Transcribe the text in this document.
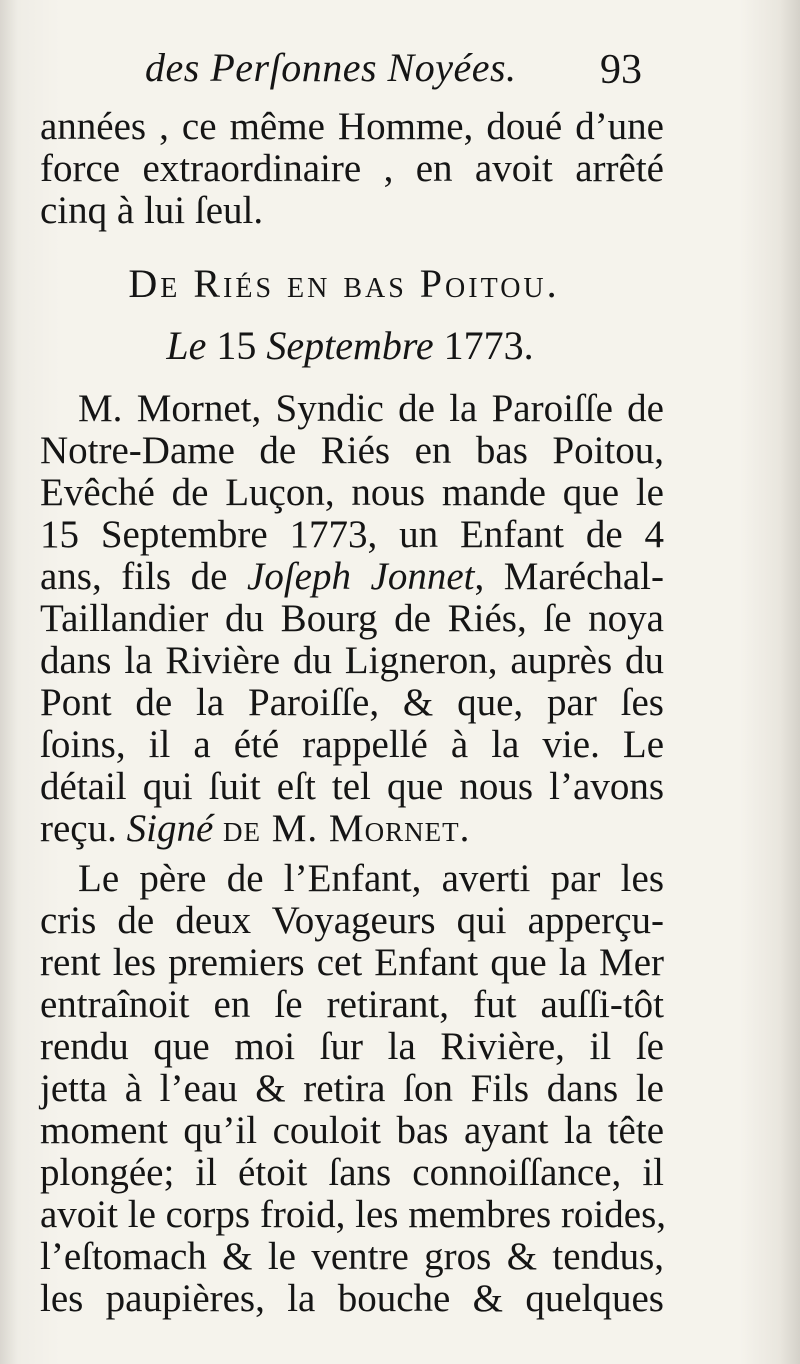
des Perſonnes Noyées. 93
années , ce même Homme, doué d’une
force extraordinaire , en avoit arrêté
cinq à lui ſeul.
De Riés en bas Poitou.
Le 15 Septembre 1773.
M. Mornet, Syndic de la Paroiſſe de
Notre-Dame de Riés en bas Poitou,
Evêché de Luçon, nous mande que le
15 Septembre 1773, un Enfant de 4
ans, fils de Joſeph Jonnet, Maréchal-
Taillandier du Bourg de Riés, ſe noya
dans la Rivière du Ligneron, auprès du
Pont de la Paroiſſe, & que, par ſes
ſoins, il a été rappellé à la vie. Le
détail qui ſuit eſt tel que nous l’avons
reçu. Signé de M. Mornet.
Le père de l’Enfant, averti par les
cris de deux Voyageurs qui apperçu-
rent les premiers cet Enfant que la Mer
entraînoit en ſe retirant, fut auſſi-tôt
rendu que moi ſur la Rivière, il ſe
jetta à l’eau & retira ſon Fils dans le
moment qu’il couloit bas ayant la tête
plongée; il étoit ſans connoiſſance, il
avoit le corps froid, les membres roides,
l’eſtomach & le ventre gros & tendus,
les paupières, la bouche & quelques
